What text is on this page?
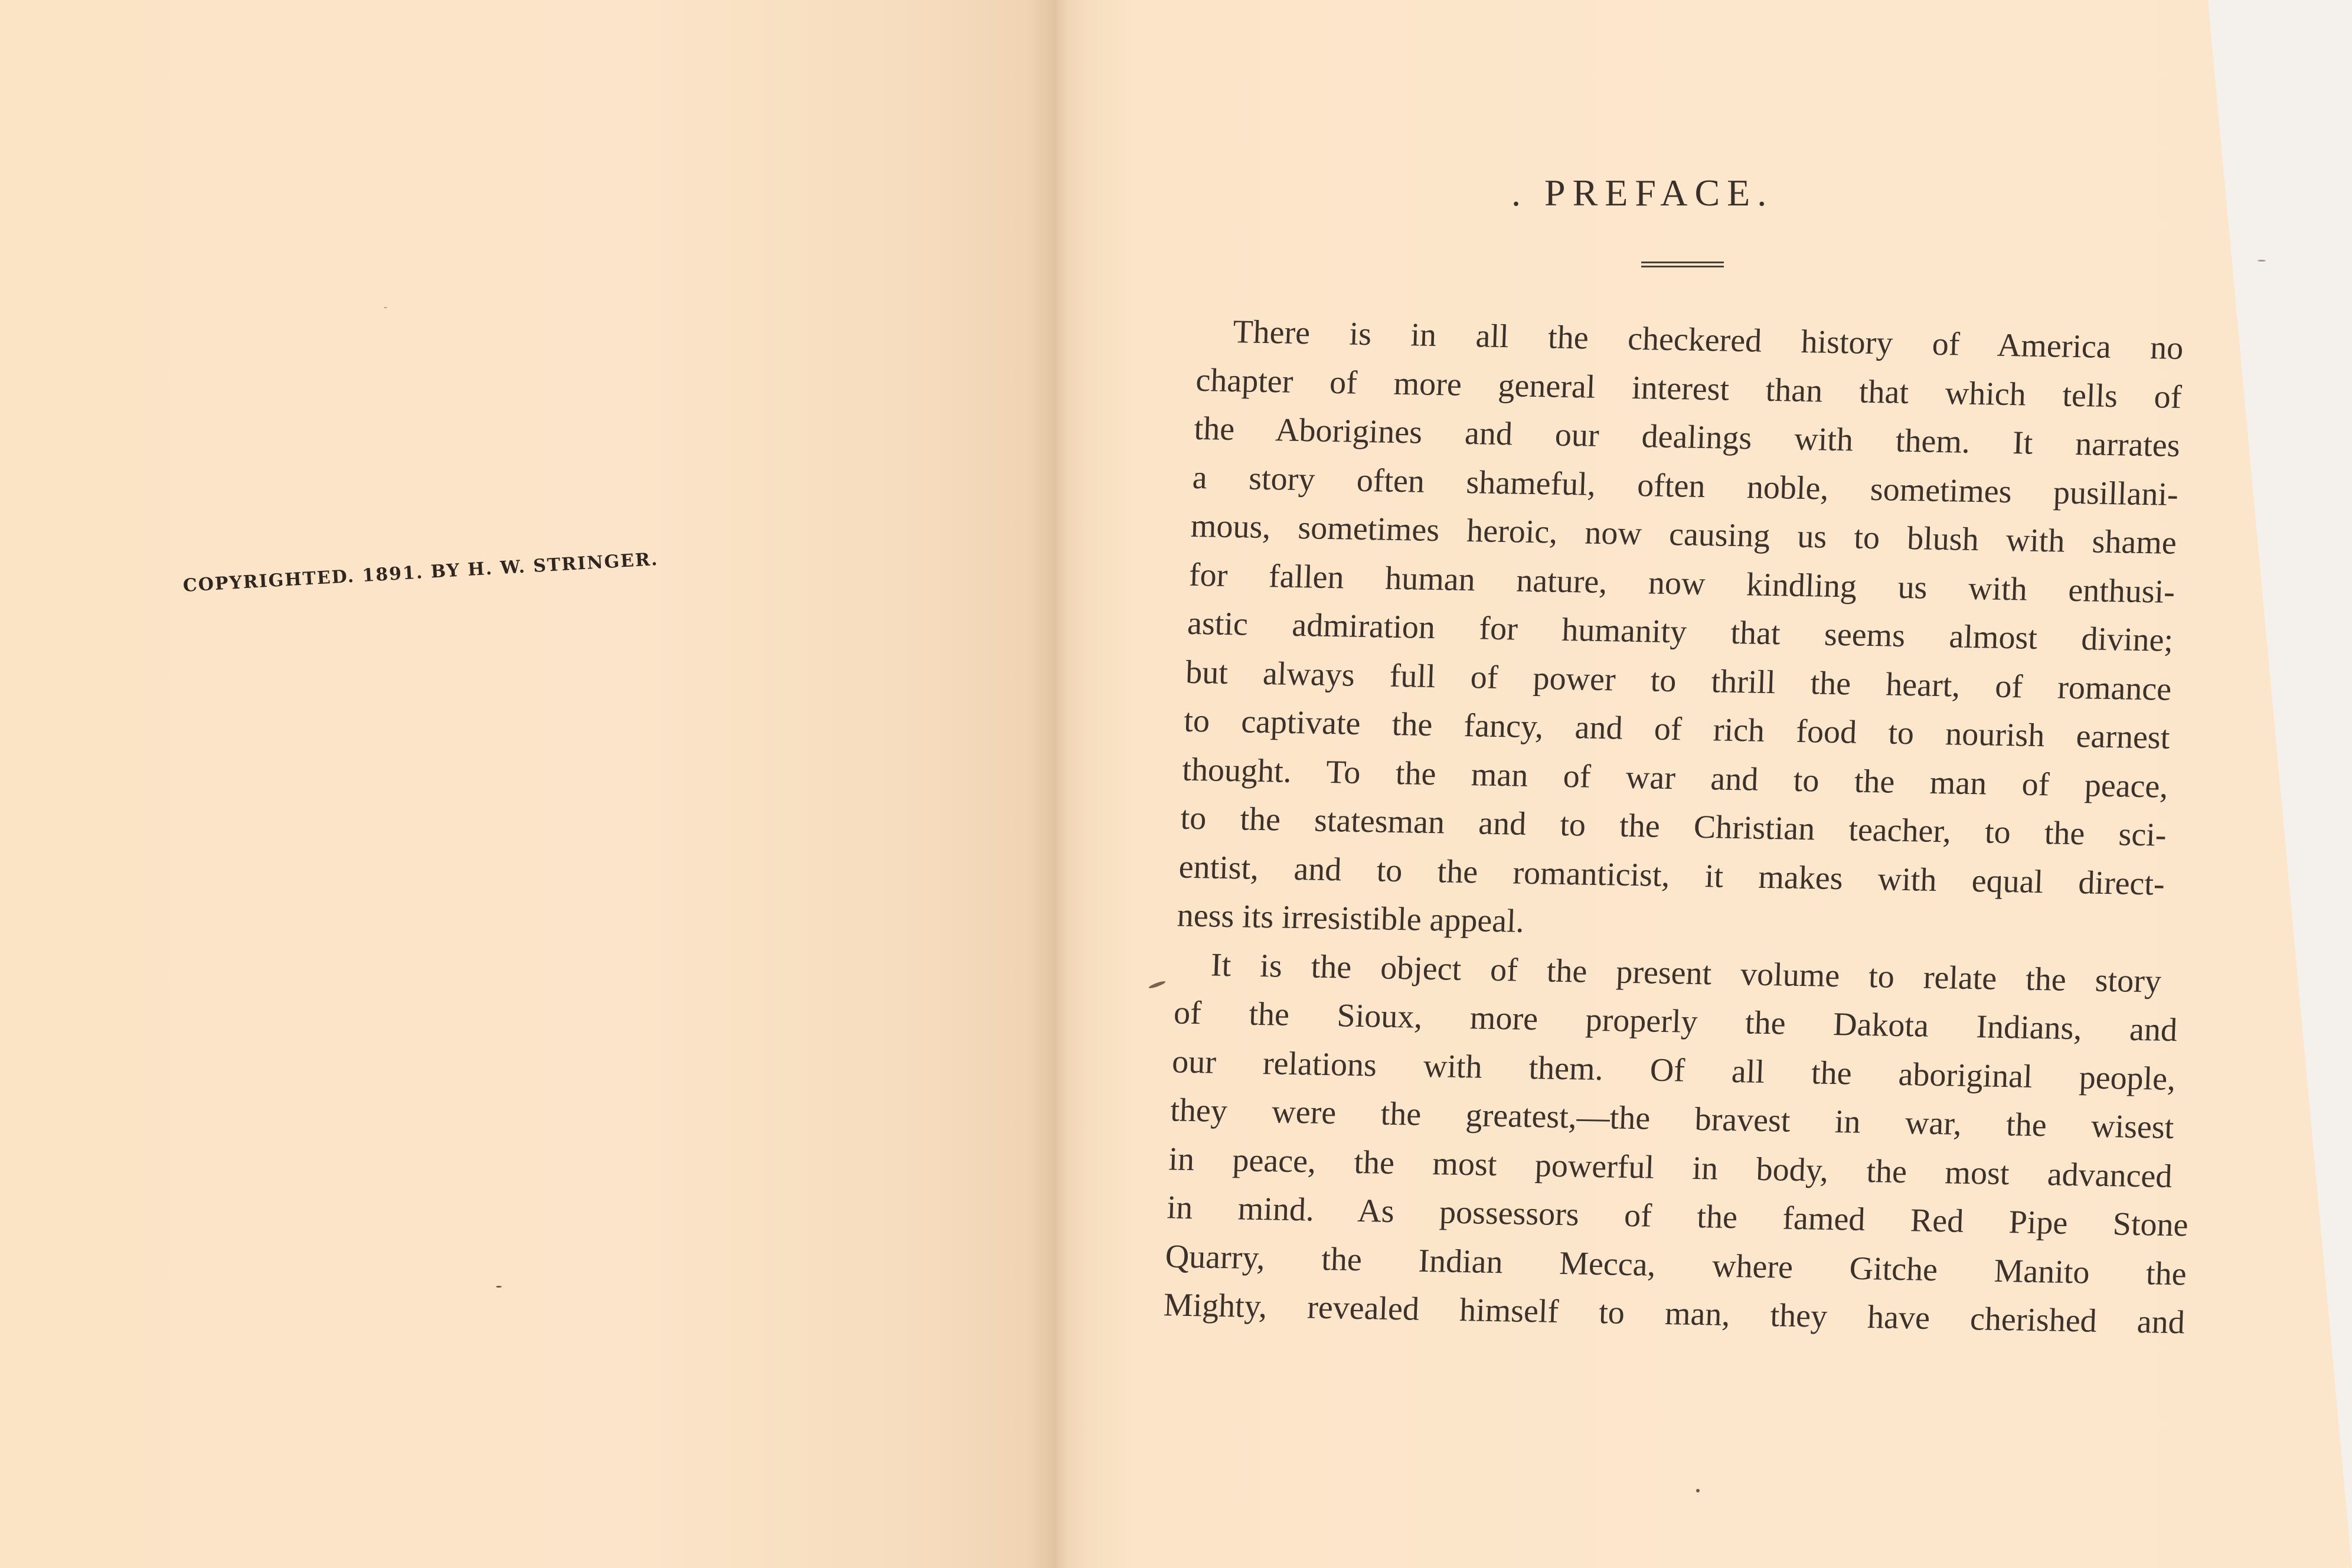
COPYRIGHTED. 1891. BY H. W. STRINGER.
. PREFACE.
There is in all the checkered history of America no
chapter of more general interest than that which tells of
the Aborigines and our dealings with them. It narrates
a story often shameful, often noble, sometimes pusillani-
mous, sometimes heroic, now causing us to blush with shame
for fallen human nature, now kindling us with enthusi-
astic admiration for humanity that seems almost divine;
but always full of power to thrill the heart, of romance
to captivate the fancy, and of rich food to nourish earnest
thought. To the man of war and to the man of peace,
to the statesman and to the Christian teacher, to the sci-
entist, and to the romanticist, it makes with equal direct-
ness its irresistible appeal.
It is the object of the present volume to relate the story
of the Sioux, more properly the Dakota Indians, and
our relations with them. Of all the aboriginal people,
they were the greatest,—the bravest in war, the wisest
in peace, the most powerful in body, the most advanced
in mind. As possessors of the famed Red Pipe Stone
Quarry, the Indian Mecca, where Gitche Manito the
Mighty, revealed himself to man, they have cherished and
